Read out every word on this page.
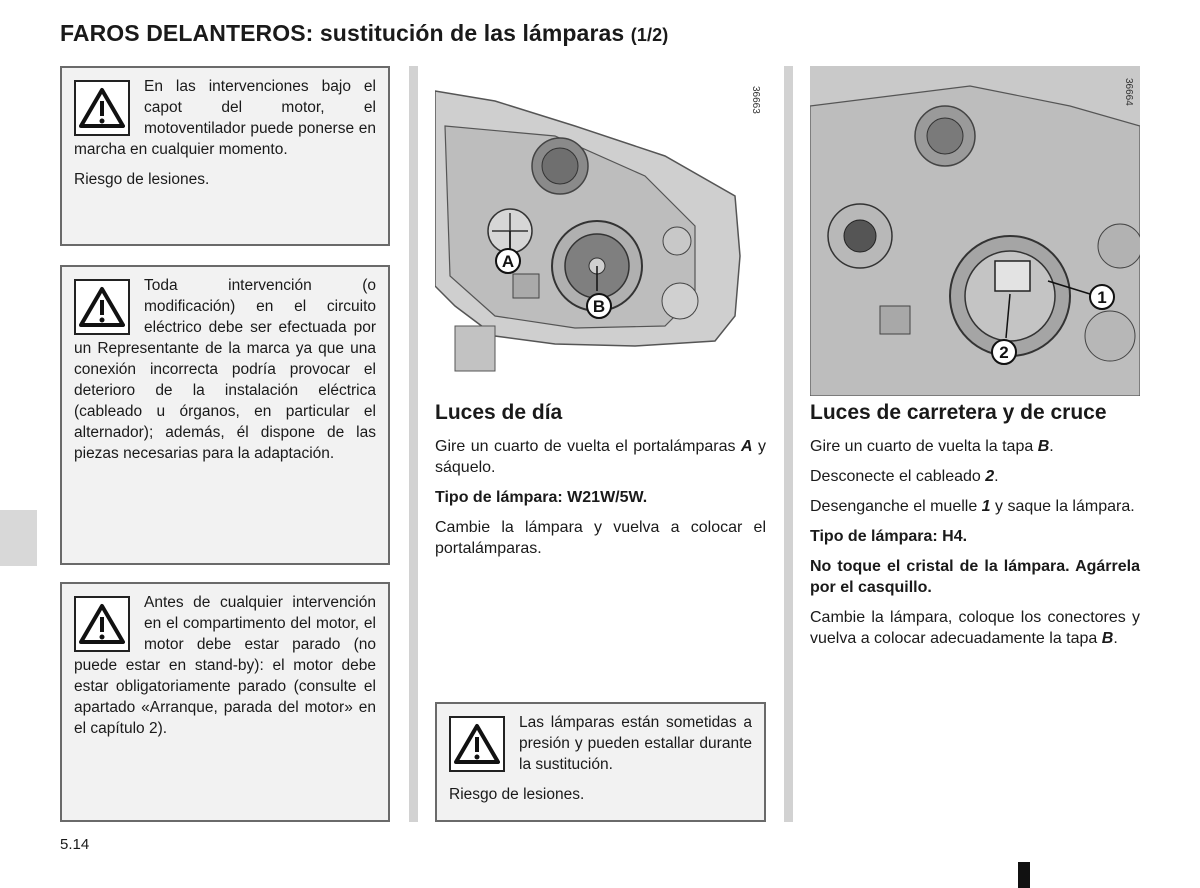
FAROS DELANTEROS: sustitución de las lámparas (1/2)

En las intervenciones bajo el capot del motor, el motoventilador puede ponerse en marcha en cualquier momento.

Riesgo de lesiones.

Toda intervención (o modificación) en el circuito eléctrico debe ser efectuada por un Representante de la marca ya que una conexión incorrecta podría provocar el deterioro de la instalación eléctrica (cableado u órganos, en particular el alternador); además, él dispone de las piezas necesarias para la adaptación.

Antes de cualquier intervención en el compartimento del motor, el motor debe estar parado (no puede estar en stand-by): el motor debe estar obligatoriamente parado (consulte el apartado «Arranque, parada del motor» en el capítulo 2).

A
B
36663
1
2
36664
Luces de día

Gire un cuarto de vuelta el portalámparas A y sáquelo.

Tipo de lámpara: W21W/5W.

Cambie la lámpara y vuelva a colocar el portalámparas.

Las lámparas están sometidas a presión y pueden estallar durante la sustitución.

Riesgo de lesiones.

Luces de carretera y de cruce

Gire un cuarto de vuelta la tapa B.

Desconecte el cableado 2.

Desenganche el muelle 1 y saque la lámpara.

Tipo de lámpara: H4.

No toque el cristal de la lámpara. Agárrela por el casquillo.

Cambie la lámpara, coloque los conectores y vuelva a colocar adecuadamente la tapa B.

5.14
